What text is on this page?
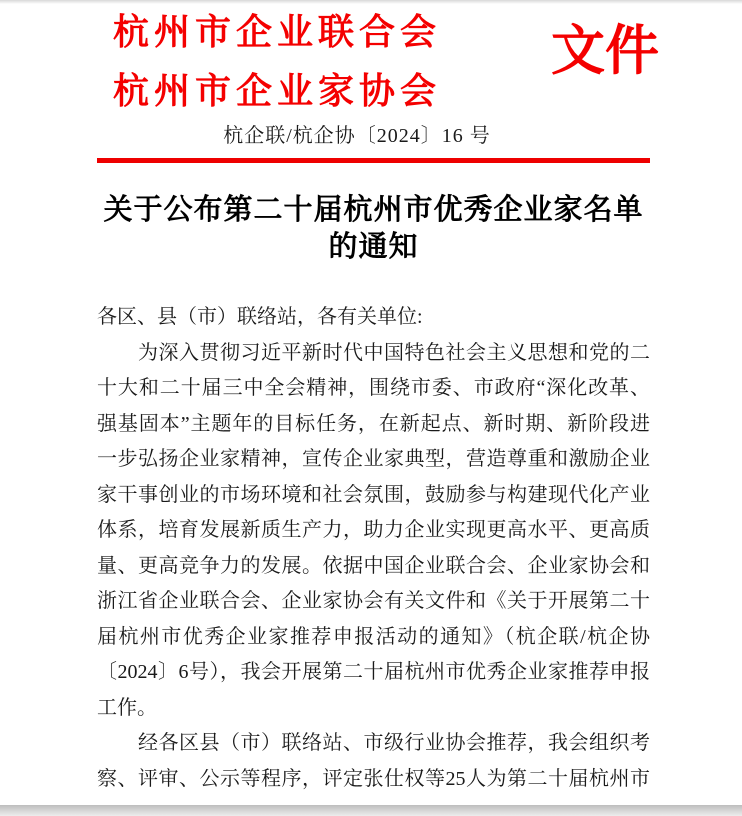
杭州市企业联合会
杭州市企业家协会
文件
杭企联/杭企协〔2024〕16 号
关于公布第二十届杭州市优秀企业家名单
的通知
各区、县（市）联络站，各有关单位:
为深入贯彻习近平新时代中国特色社会主义思想和党的二
十大和二十届三中全会精神，围绕市委、市政府“深化改革、
强基固本”主题年的目标任务，在新起点、新时期、新阶段进
一步弘扬企业家精神，宣传企业家典型，营造尊重和激励企业
家干事创业的市场环境和社会氛围，鼓励参与构建现代化产业
体系，培育发展新质生产力，助力企业实现更高水平、更高质
量、更高竞争力的发展。依据中国企业联合会、企业家协会和
浙江省企业联合会、企业家协会有关文件和《关于开展第二十
届杭州市优秀企业家推荐申报活动的通知》（杭企联/杭企协
〔2024〕6号），我会开展第二十届杭州市优秀企业家推荐申报
工作。
经各区县（市）联络站、市级行业协会推荐，我会组织考
察、评审、公示等程序，评定张仕权等25人为第二十届杭州市
